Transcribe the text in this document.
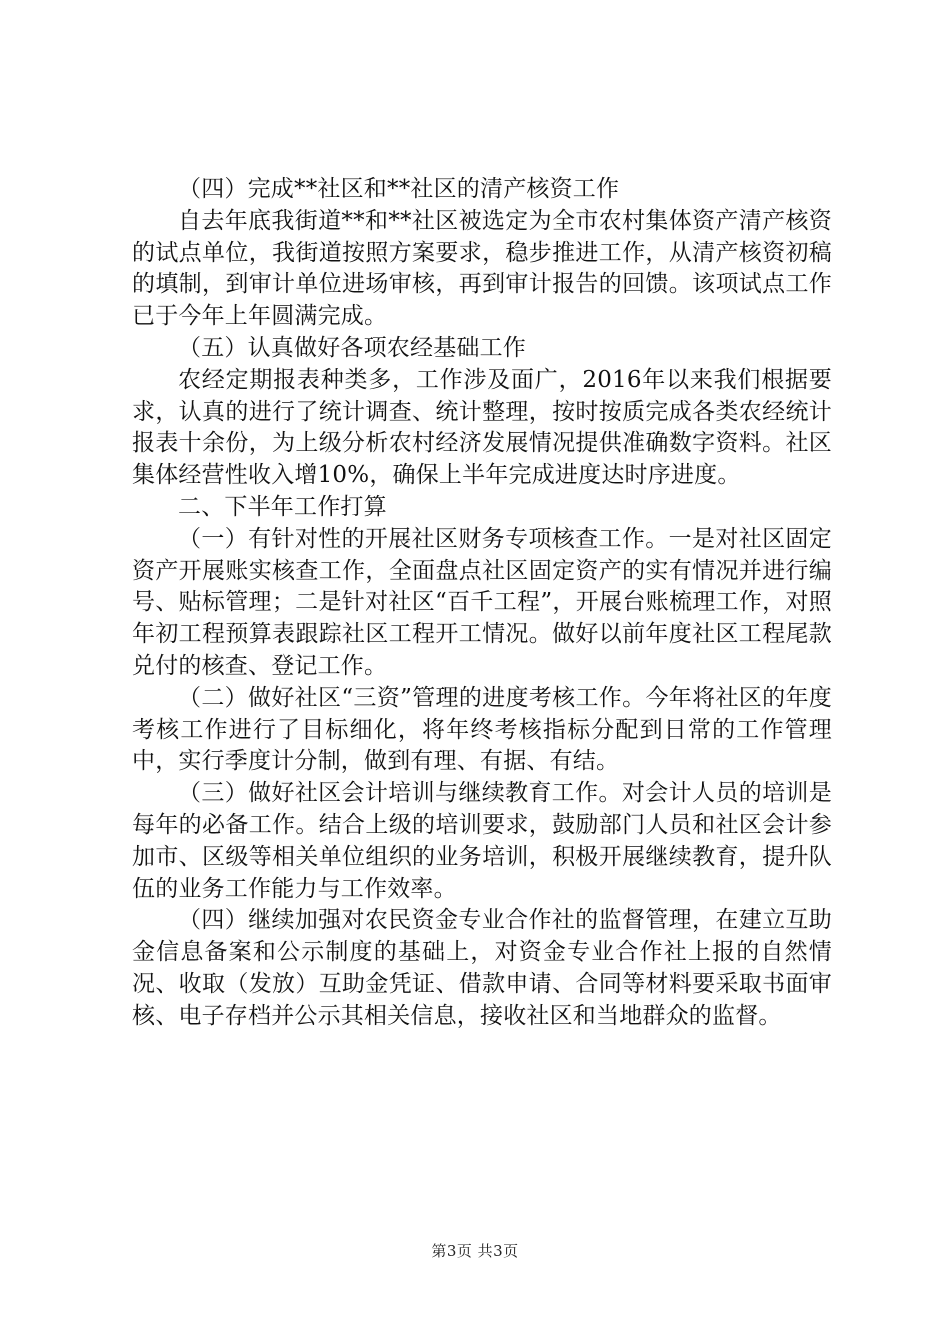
（四）完成**社区和**社区的清产核资工作

自去年底我街道**和**社区被选定为全市农村集体资产清产核资的试点单位，我街道按照方案要求，稳步推进工作，从清产核资初稿的填制，到审计单位进场审核，再到审计报告的回馈。该项试点工作已于今年上年圆满完成。

（五）认真做好各项农经基础工作

农经定期报表种类多，工作涉及面广，2016年以来我们根据要求，认真的进行了统计调查、统计整理，按时按质完成各类农经统计报表十余份，为上级分析农村经济发展情况提供准确数字资料。社区集体经营性收入增10%，确保上半年完成进度达时序进度。

二、下半年工作打算

（一）有针对性的开展社区财务专项核查工作。一是对社区固定资产开展账实核查工作，全面盘点社区固定资产的实有情况并进行编号、贴标管理；二是针对社区“百千工程”，开展台账梳理工作，对照年初工程预算表跟踪社区工程开工情况。做好以前年度社区工程尾款兑付的核查、登记工作。

（二）做好社区“三资”管理的进度考核工作。今年将社区的年度考核工作进行了目标细化，将年终考核指标分配到日常的工作管理中，实行季度计分制，做到有理、有据、有结。

（三）做好社区会计培训与继续教育工作。对会计人员的培训是每年的必备工作。结合上级的培训要求，鼓励部门人员和社区会计参加市、区级等相关单位组织的业务培训，积极开展继续教育，提升队伍的业务工作能力与工作效率。

（四）继续加强对农民资金专业合作社的监督管理，在建立互助金信息备案和公示制度的基础上，对资金专业合作社上报的自然情况、收取（发放）互助金凭证、借款申请、合同等材料要采取书面审核、电子存档并公示其相关信息，接收社区和当地群众的监督。

第3页 共3页
